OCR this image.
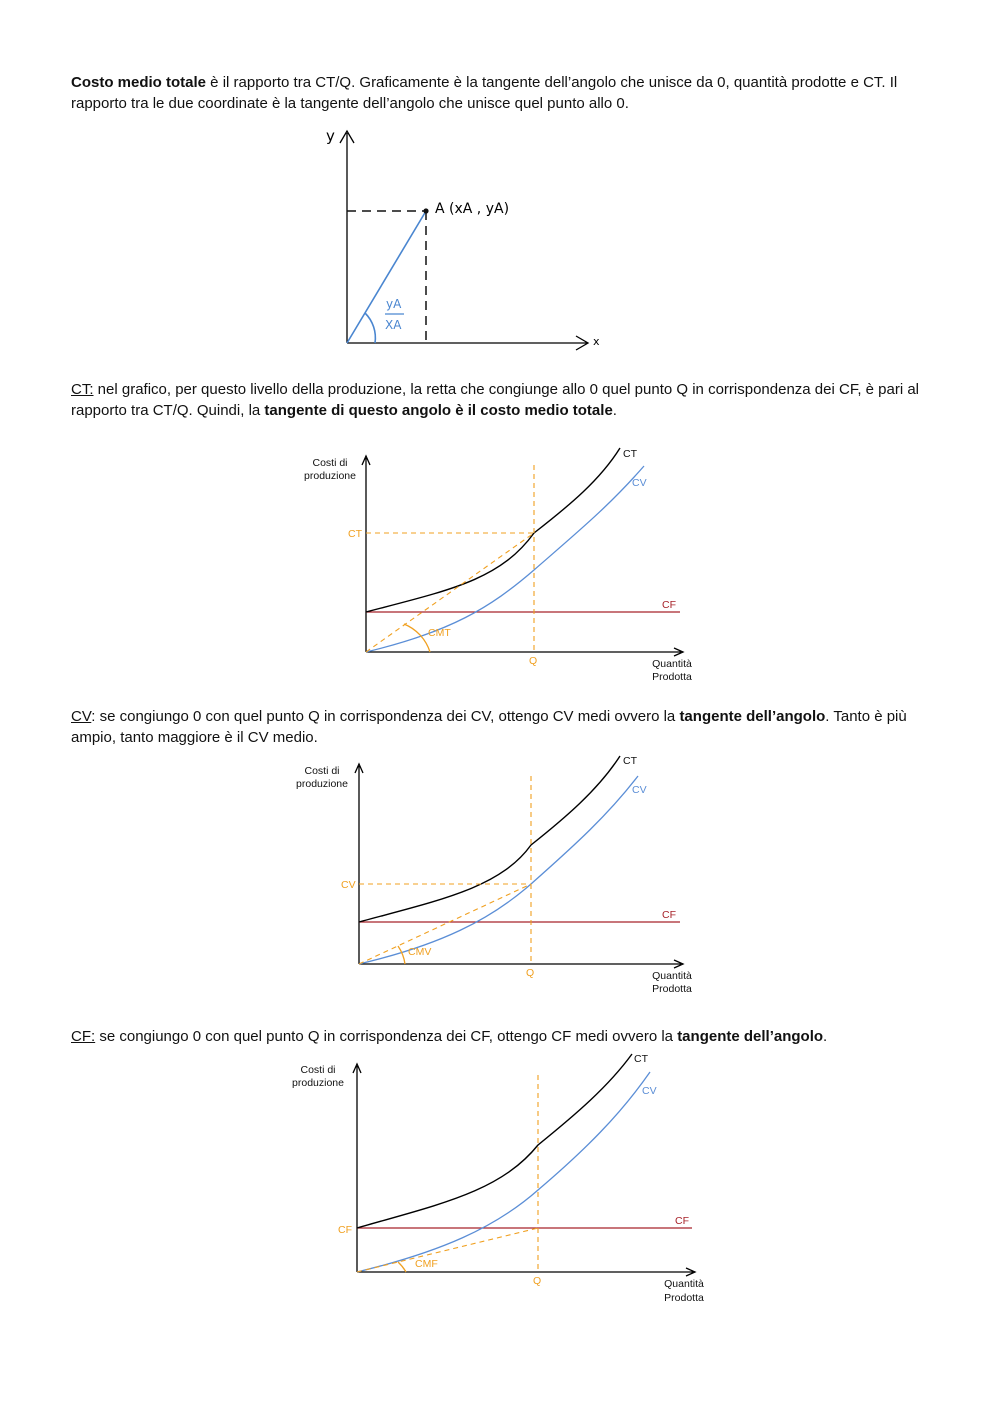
Costo medio totale è il rapporto tra CT/Q. Graficamente è la tangente dell’angolo che unisce da 0, quantità prodotte e CT. Il rapporto tra le due coordinate è la tangente dell’angolo che unisce quel punto allo 0.

y
x
A (xA , yA)
yA
XA

CT: nel grafico, per questo livello della produzione, la retta che congiunge allo 0 quel punto Q in corrispondenza dei CF, è pari al rapporto tra CT/Q. Quindi, la tangente di questo angolo è il costo medio totale.

Costi di
produzione
Quantità
Prodotta
CT
Q
CMT
CT
CV
CF

CV: se congiungo 0 con quel punto Q in corrispondenza dei CV, ottengo CV medi ovvero la tangente dell’angolo. Tanto è più ampio, tanto maggiore è il CV medio.

Costi di
produzione
Quantità
Prodotta
CV
Q
CMV
CT
CV
CF

CF: se congiungo 0 con quel punto Q in corrispondenza dei CF, ottengo CF medi ovvero la tangente dell’angolo.

Costi di
produzione
Quantità
Prodotta
CF
Q
CMF
CT
CV
CF
